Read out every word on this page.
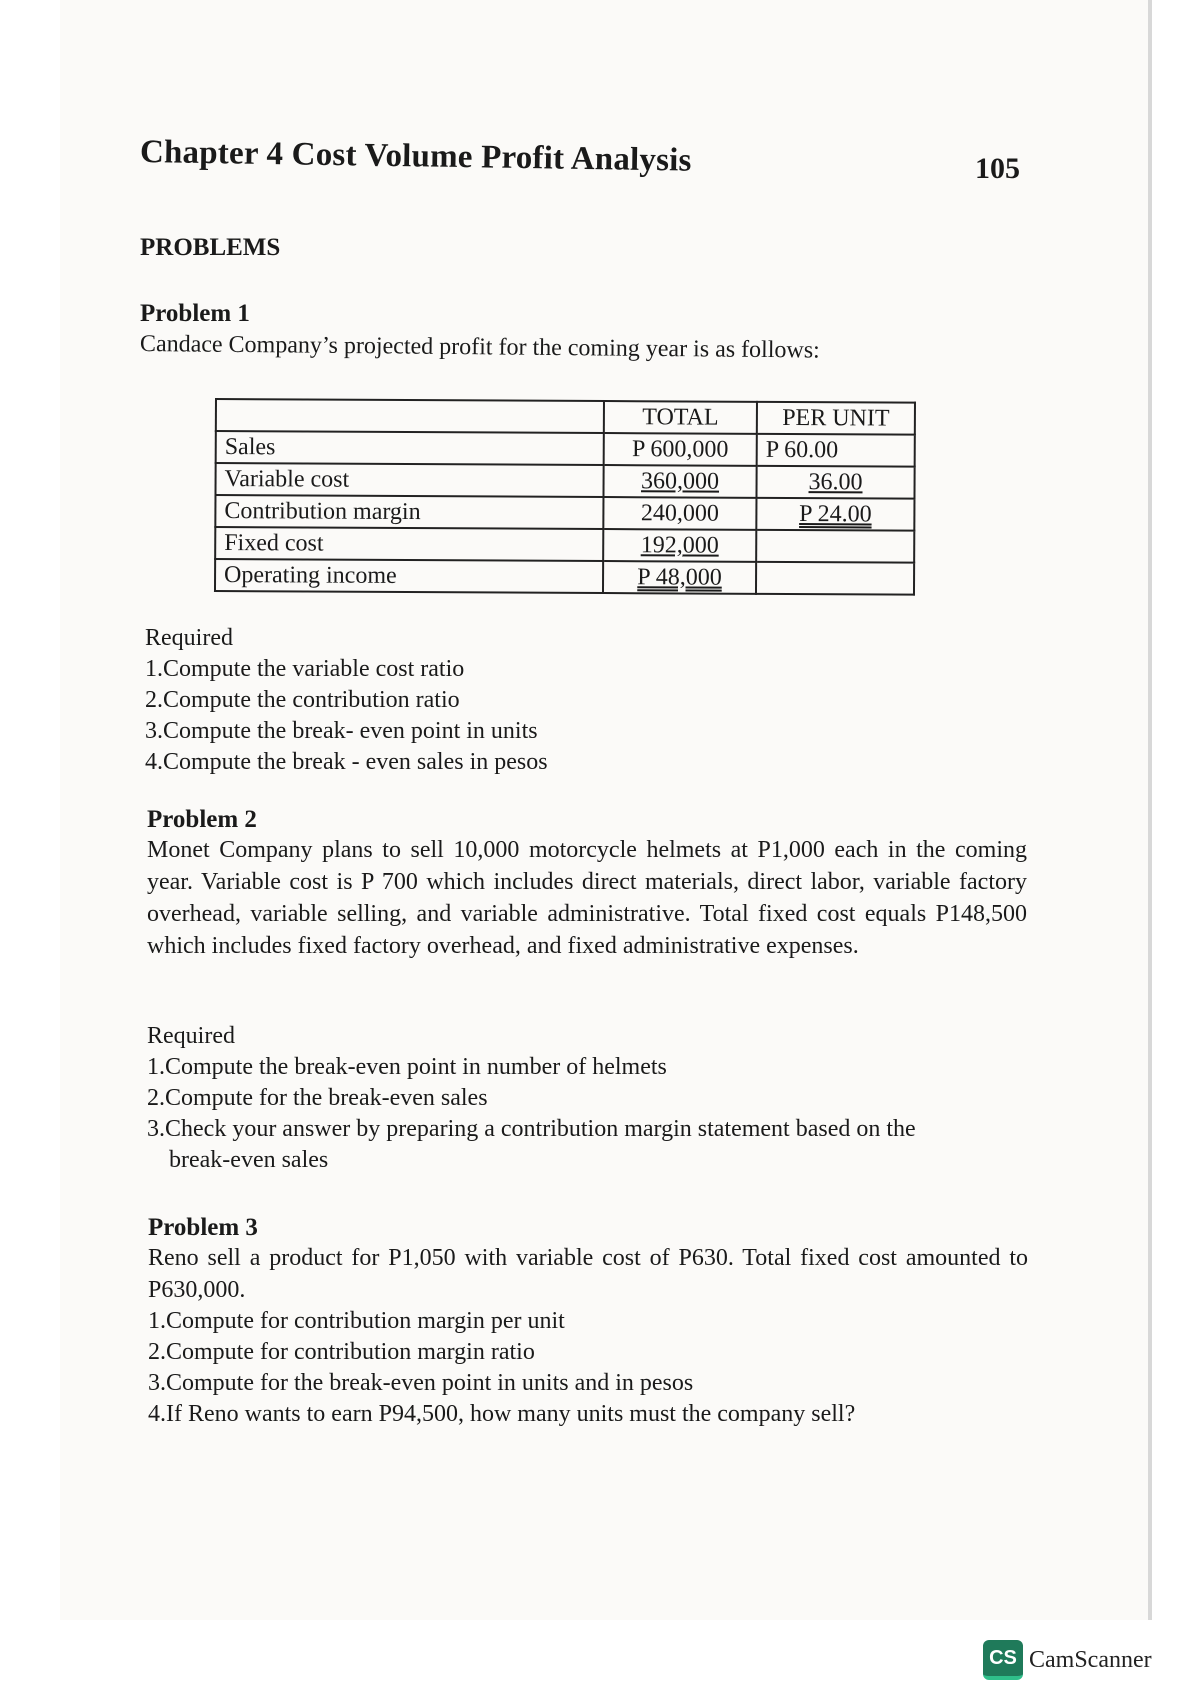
Chapter 4 Cost Volume Profit Analysis	105
PROBLEMS

Problem 1

Candace Company’s projected profit for the coming year is as follows:

	TOTAL	PER UNIT
Sales	P 600,000	P 60.00
Variable cost	360,000	36.00
Contribution margin	240,000	P 24.00
Fixed cost	192,000	
Operating income	P 48,000	

Required

1.Compute the variable cost ratio
2.Compute the contribution ratio
3.Compute the break- even point in units
4.Compute the break - even sales in pesos

Problem 2

Monet Company plans to sell 10,000 motorcycle helmets at P1,000 each in the coming year. Variable cost is P 700 which includes direct materials, direct labor, variable factory overhead, variable selling, and variable administrative. Total fixed cost equals P148,500 which includes fixed factory overhead, and fixed administrative expenses.

Required

1.Compute the break-even point in number of helmets
2.Compute for the break-even sales
3.Check your answer by preparing a contribution margin statement based on the
break-even sales

Problem 3

Reno sell a product for P1,050 with variable cost of P630. Total fixed cost amounted to P630,000.

1.Compute for contribution margin per unit
2.Compute for contribution margin ratio
3.Compute for the break-even point in units and in pesos
4.If Reno wants to earn P94,500, how many units must the company sell?
CS CamScanner
